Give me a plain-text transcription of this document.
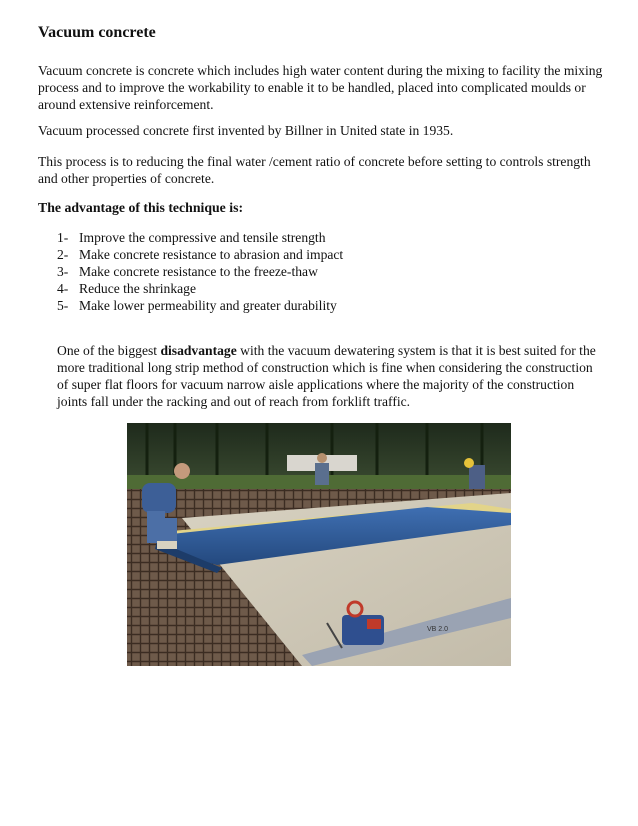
Vacuum concrete

Vacuum concrete is concrete which includes high water content during the mixing to facility the mixing process and to improve the workability to enable it to be handled, placed into complicated moulds or around extensive reinforcement.

Vacuum processed concrete first invented by Billner in United state in 1935.

This process is to reducing the final water /cement ratio of concrete before setting to controls strength and other properties of concrete.

The advantage of this technique is:
1- Improve the compressive and tensile strength
2- Make concrete resistance to abrasion and impact
3- Make concrete resistance to the freeze-thaw
4- Reduce the shrinkage
5- Make lower permeability and greater durability

One of the biggest disadvantage with the vacuum dewatering system is that it is best suited for the more traditional long strip method of construction which is fine when considering the construction of super flat floors for vacuum narrow aisle applications where the majority of the construction joints fall under the racking and out of reach from forklift traffic.

VB 2.0
